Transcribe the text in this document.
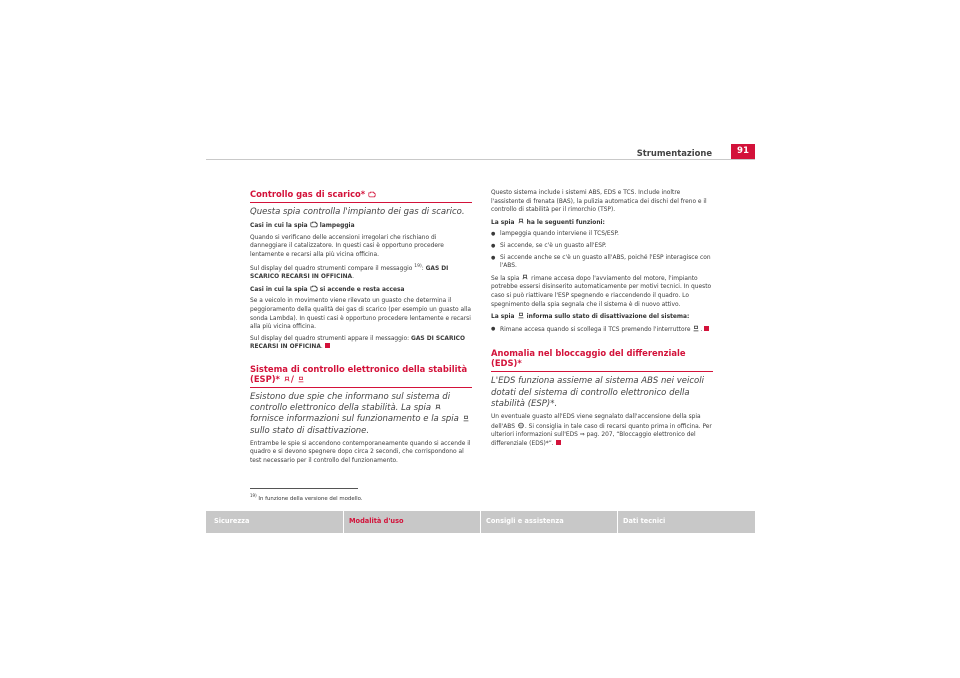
Strumentazione	91

Controllo gas di scarico*

Questa spia controlla l'impianto dei gas di scarico.

Casi in cui la spia lampeggia

Quando si verificano delle accensioni irregolari che rischiano di danneggiare il catalizzatore. In questi casi è opportuno procedere lentamente e recarsi alla più vicina officina.

Sul display del quadro strumenti compare il messaggio $^{19)}$: GAS DI SCARICO RECARSI IN OFFICINA.

Casi in cui la spia si accende e resta accesa

Se a veicolo in movimento viene rilevato un guasto che determina il peggioramento della qualità dei gas di scarico (per esempio un guasto alla sonda Lambda). In questi casi è opportuno procedere lentamente e recarsi alla più vicina officina.

Sul display del quadro strumenti appare il messaggio: GAS DI SCARICO RECARSI IN OFFICINA.

Sistema di controllo elettronico della stabilità (ESP)* /

Esistono due spie che informano sul sistema di controllo elettronico della stabilità. La spia  fornisce informazioni sul funzionamento e la spia  sullo stato di disattivazione.

Entrambe le spie si accendono contemporaneamente quando si accende il quadro e si devono spegnere dopo circa 2 secondi, che corrispondono al test necessario per il controllo del funzionamento.

$^{19)}$ In funzione della versione del modello.

Questo sistema include i sistemi ABS, EDS e TCS. Include inoltre l'assistente di frenata (BAS), la pulizia automatica dei dischi del freno e il controllo di stabilità per il rimorchio (TSP).

La spia ha le seguenti funzioni:

● lampeggia quando interviene il TCS/ESP.

● Si accende, se c'è un guasto all'ESP.

● Si accende anche se c'è un guasto all'ABS, poiché l'ESP interagisce con l'ABS.

Se la spia rimane accesa dopo l'avviamento del motore, l'impianto potrebbe essersi disinserito automaticamente per motivi tecnici. In questo caso si può riattivare l'ESP spegnendo e riaccendendo il quadro. Lo spegnimento della spia segnala che il sistema è di nuovo attivo.

La spia informa sullo stato di disattivazione del sistema:

● Rimane accesa quando si scollega il TCS premendo l'interruttore .

Anomalia nel bloccaggio del differenziale (EDS)*

L'EDS funziona assieme al sistema ABS nei veicoli dotati del sistema di controllo elettronico della stabilità (ESP)*.

Un eventuale guasto all'EDS viene segnalato dall'accensione della spia dell'ABS ABS . Si consiglia in tale caso di recarsi quanto prima in officina. Per ulteriori informazioni sull'EDS ⇒ pag. 207, “Bloccaggio elettronico del differenziale (EDS)*”.

Sicurezza	Modalità d'uso	Consigli e assistenza	Dati tecnici
